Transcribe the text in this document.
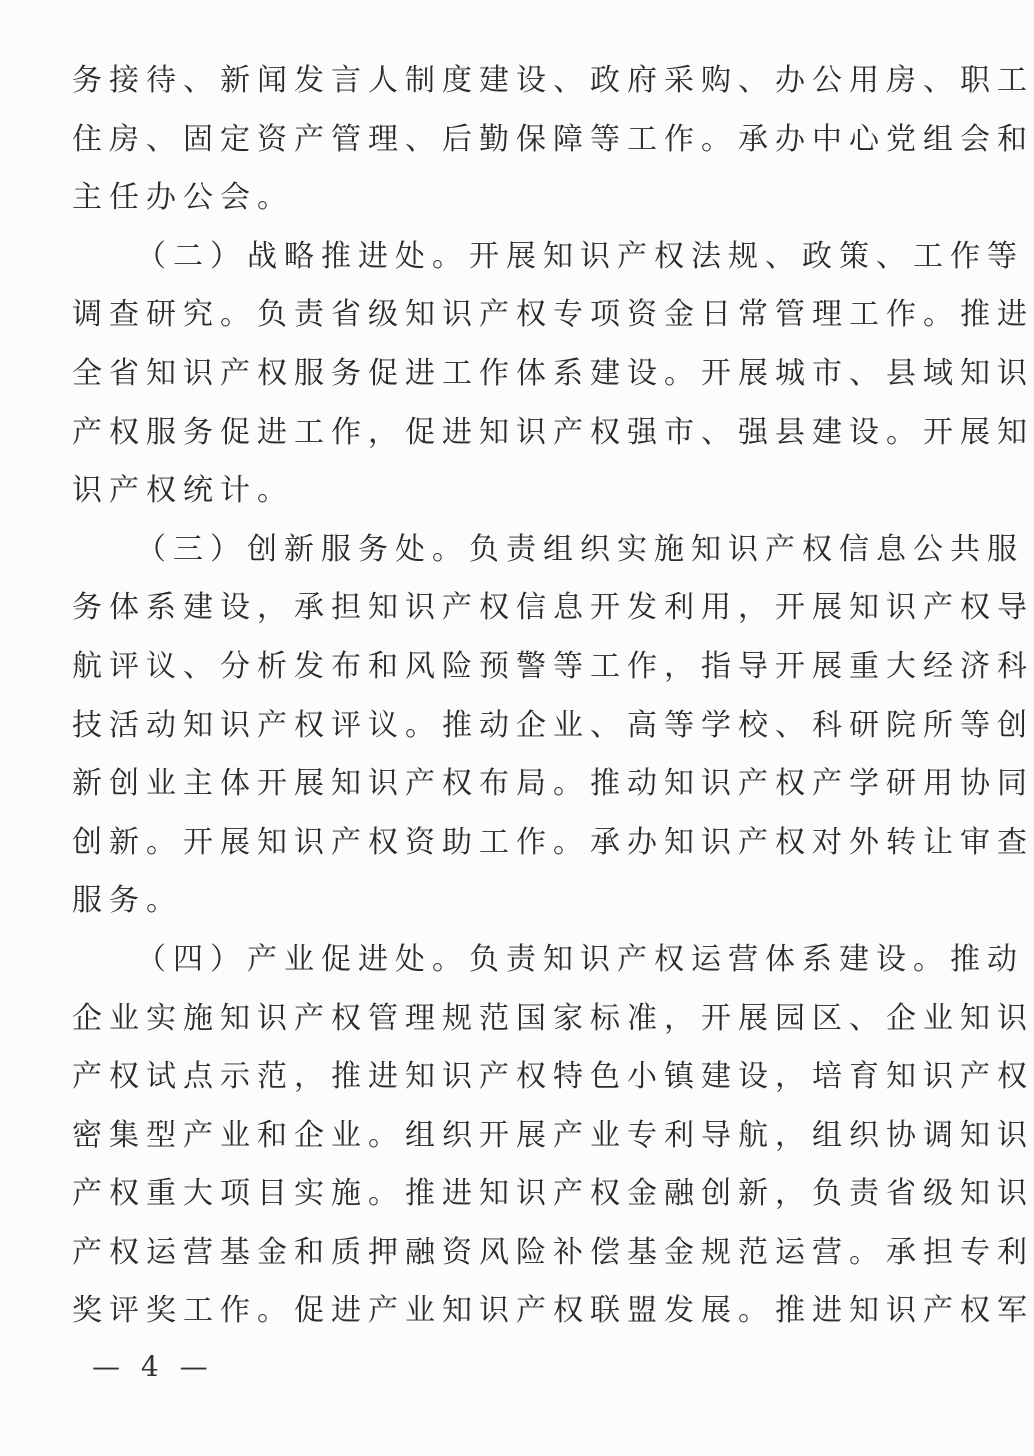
务接待、新闻发言人制度建设、政府采购、办公用房、职工
住房、固定资产管理、后勤保障等工作。承办中心党组会和
主任办公会。
（二）战略推进处。开展知识产权法规、政策、工作等
调查研究。负责省级知识产权专项资金日常管理工作。推进
全省知识产权服务促进工作体系建设。开展城市、县域知识
产权服务促进工作，促进知识产权强市、强县建设。开展知
识产权统计。
（三）创新服务处。负责组织实施知识产权信息公共服
务体系建设，承担知识产权信息开发利用，开展知识产权导
航评议、分析发布和风险预警等工作，指导开展重大经济科
技活动知识产权评议。推动企业、高等学校、科研院所等创
新创业主体开展知识产权布局。推动知识产权产学研用协同
创新。开展知识产权资助工作。承办知识产权对外转让审查
服务。
（四）产业促进处。负责知识产权运营体系建设。推动
企业实施知识产权管理规范国家标准，开展园区、企业知识
产权试点示范，推进知识产权特色小镇建设，培育知识产权
密集型产业和企业。组织开展产业专利导航，组织协调知识
产权重大项目实施。推进知识产权金融创新，负责省级知识
产权运营基金和质押融资风险补偿基金规范运营。承担专利
奖评奖工作。促进产业知识产权联盟发展。推进知识产权军
— 4 —
